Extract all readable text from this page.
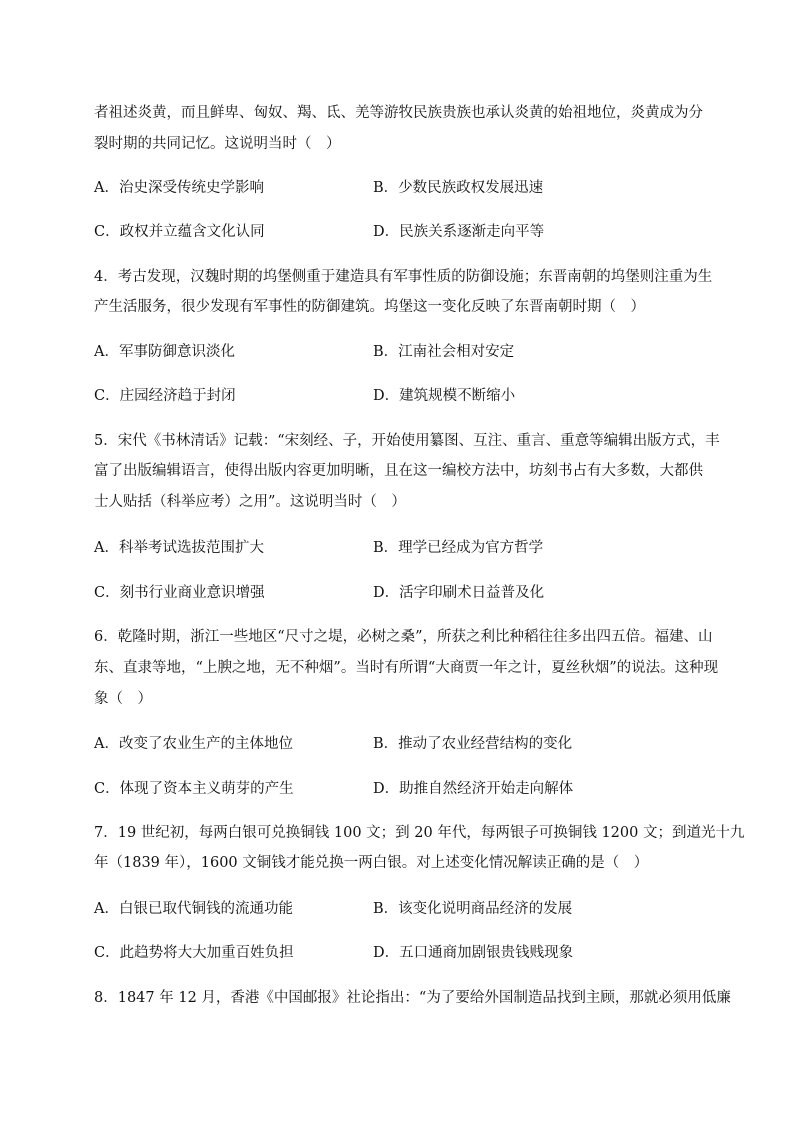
者祖述炎黄，而且鲜卑、匈奴、羯、氐、羌等游牧民族贵族也承认炎黄的始祖地位，炎黄成为分
裂时期的共同记忆。这说明当时（　）
A．治史深受传统史学影响	B．少数民族政权发展迅速
C．政权并立蕴含文化认同	D．民族关系逐渐走向平等
4．考古发现，汉魏时期的坞堡侧重于建造具有军事性质的防御设施；东晋南朝的坞堡则注重为生
产生活服务，很少发现有军事性的防御建筑。坞堡这一变化反映了东晋南朝时期（　）
A．军事防御意识淡化	B．江南社会相对安定
C．庄园经济趋于封闭	D．建筑规模不断缩小
5．宋代《书林清话》记载：“宋刻经、子，开始使用纂图、互注、重言、重意等编辑出版方式，丰
富了出版编辑语言，使得出版内容更加明晰，且在这一编校方法中，坊刻书占有大多数，大都供
士人贴括（科举应考）之用”。这说明当时（　）
A．科举考试选拔范围扩大	B．理学已经成为官方哲学
C．刻书行业商业意识增强	D．活字印刷术日益普及化
6．乾隆时期，浙江一些地区“尺寸之堤，必树之桑”，所获之利比种稻往往多出四五倍。福建、山
东、直隶等地，“上腴之地，无不种烟”。当时有所谓“大商贾一年之计，夏丝秋烟”的说法。这种现
象（　）
A．改变了农业生产的主体地位	B．推动了农业经营结构的变化
C．体现了资本主义萌芽的产生	D．助推自然经济开始走向解体
7．19 世纪初，每两白银可兑换铜钱 100 文；到 20 年代，每两银子可换铜钱 1200 文；到道光十九
年（1839 年），1600 文铜钱才能兑换一两白银。对上述变化情况解读正确的是（　）
A．白银已取代铜钱的流通功能	B．该变化说明商品经济的发展
C．此趋势将大大加重百姓负担	D．五口通商加剧银贵钱贱现象
8．1847 年 12 月，香港《中国邮报》社论指出：“为了要给外国制造品找到主顾，那就必须用低廉
